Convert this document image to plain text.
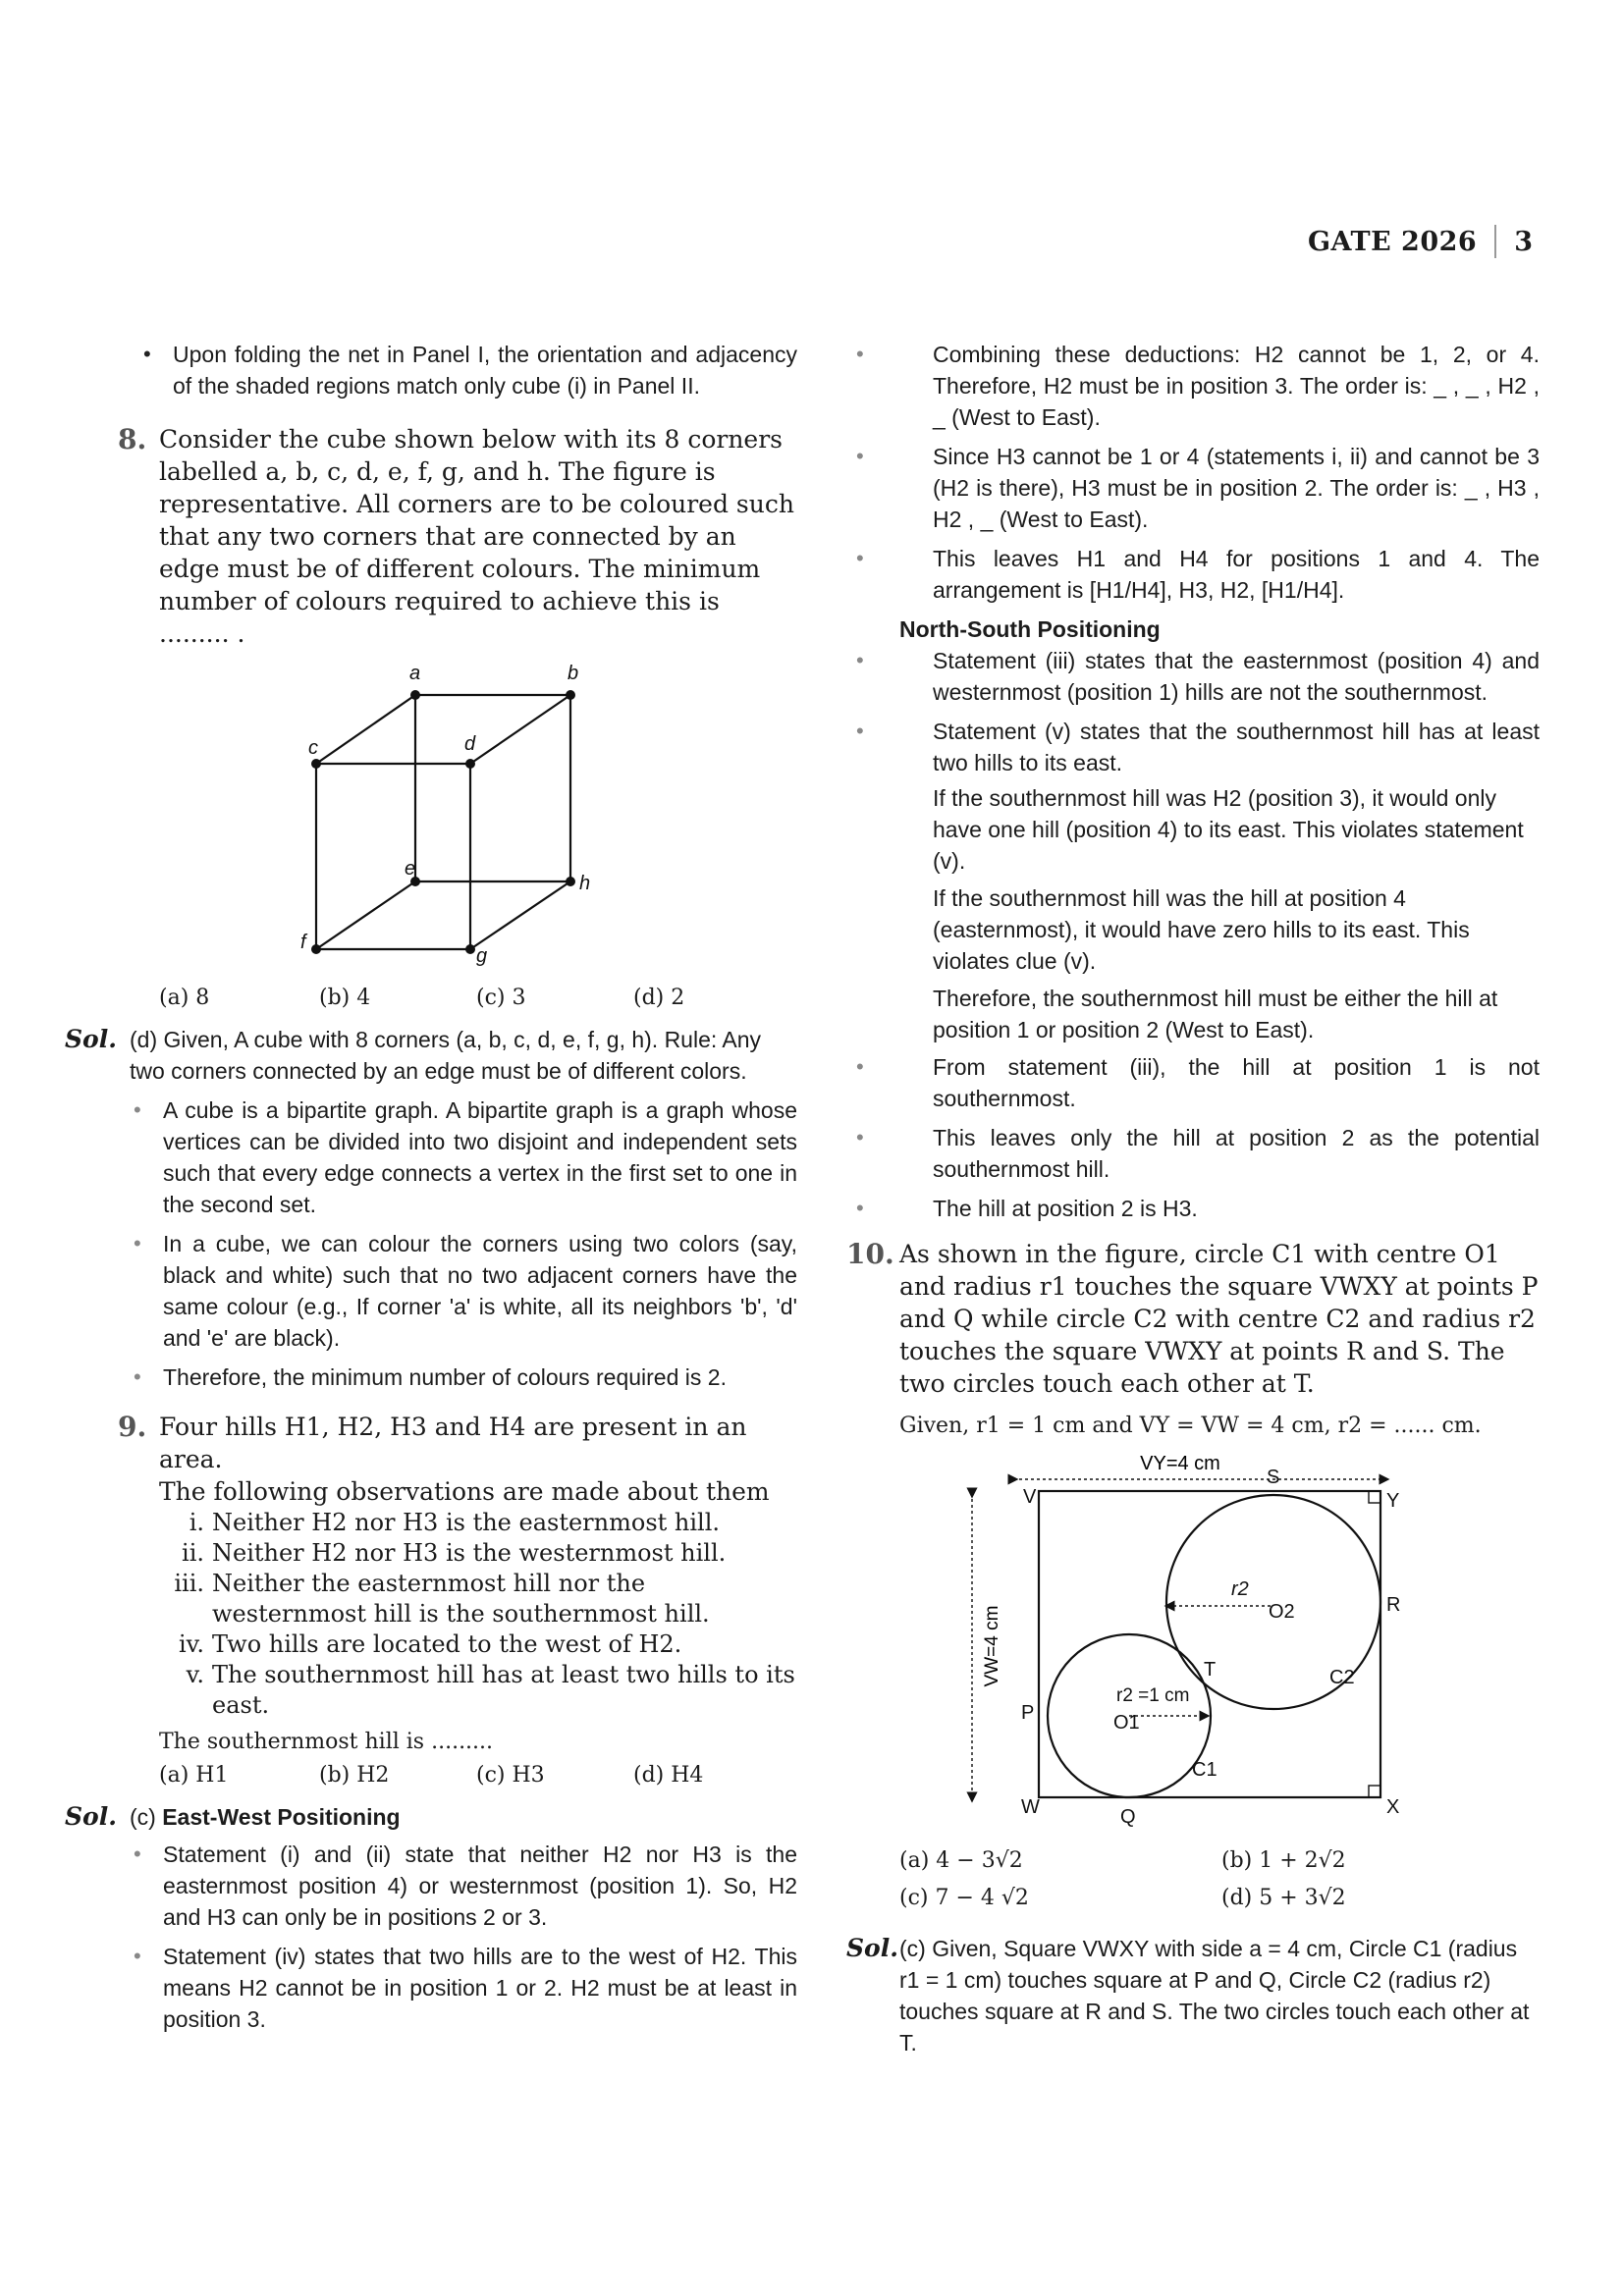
GATE 2026 3
• Upon folding the net in Panel I, the orientation and adjacency of the shaded regions match only cube (i) in Panel II.
8. Consider the cube shown below with its 8 corners labelled a, b, c, d, e, f, g, and h. The figure is representative. All corners are to be coloured such that any two corners that are connected by an edge must be of different colours. The minimum number of colours required to achieve this is ......... .

a	b
c	d
e
h
f
g
(a) 8	(b) 4	(c) 3	(d) 2
Sol. (d) Given, A cube with 8 corners (a, b, c, d, e, f, g, h). Rule: Any two corners connected by an edge must be of different colors.
• A cube is a bipartite graph. A bipartite graph is a graph whose vertices can be divided into two disjoint and independent sets such that every edge connects a vertex in the first set to one in the second set.
• In a cube, we can colour the corners using two colors (say, black and white) such that no two adjacent corners have the same colour (e.g., If corner 'a' is white, all its neighbors 'b', 'd' and 'e' are black).
• Therefore, the minimum number of colours required is 2.
9. Four hills H1, H2, H3 and H4 are present in an area.

The following observations are made about them

i. Neither H2 nor H3 is the easternmost hill.
ii. Neither H2 nor H3 is the westernmost hill.
iii. Neither the easternmost hill nor the westernmost hill is the southernmost hill.
iv. Two hills are located to the west of H2.
v. The southernmost hill has at least two hills to its east.
The southernmost hill is .........
(a) H1	(b) H2	(c) H3	(d) H4
Sol. (c) East-West Positioning
• Statement (i) and (ii) state that neither H2 nor H3 is the easternmost position 4) or westernmost (position 1). So, H2 and H3 can only be in positions 2 or 3.
• Statement (iv) states that two hills are to the west of H2. This means H2 cannot be in position 1 or 2. H2 must be at least in position 3.
• Combining these deductions: H2 cannot be 1, 2, or 4. Therefore, H2 must be in position 3. The order is: _ , _ , H2 , _ (West to East).
• Since H3 cannot be 1 or 4 (statements i, ii) and cannot be 3 (H2 is there), H3 must be in position 2. The order is: _ , H3 , H2 , _ (West to East).
• This leaves H1 and H4 for positions 1 and 4. The arrangement is [H1/H4], H3, H2, [H1/H4].
North-South Positioning
• Statement (iii) states that the easternmost (position 4) and westernmost (position 1) hills are not the southernmost.
• Statement (v) states that the southernmost hill has at least two hills to its east.
If the southernmost hill was H2 (position 3), it would only have one hill (position 4) to its east. This violates statement (v).
If the southernmost hill was the hill at position 4 (easternmost), it would have zero hills to its east. This violates clue (v).
Therefore, the southernmost hill must be either the hill at position 1 or position 2 (West to East).
• From statement (iii), the hill at position 1 is not southernmost.
• This leaves only the hill at position 2 as the potential southernmost hill.
• The hill at position 2 is H3.
10. As shown in the figure, circle C1 with centre O1 and radius r1 touches the square VWXY at points P and Q while circle C2 with centre C2 and radius r2 touches the square VWXY at points R and S. The two circles touch each other at T.

Given, r1 = 1 cm and VY = VW = 4 cm, r2 = ...... cm.
VY=4 cm
VW=4 cm
V	Y
W	X
S
R
P
Q
T
O2
O1
C2
C1
r2
r2 =1 cm
(a) 4 − 3√2	(b) 1 + 2√2
(c) 7 − 4 √2	(d) 5 + 3√2
Sol. (c) Given, Square VWXY with side a = 4 cm, Circle C1 (radius r1 = 1 cm) touches square at P and Q, Circle C2 (radius r2) touches square at R and S. The two circles touch each other at T.
